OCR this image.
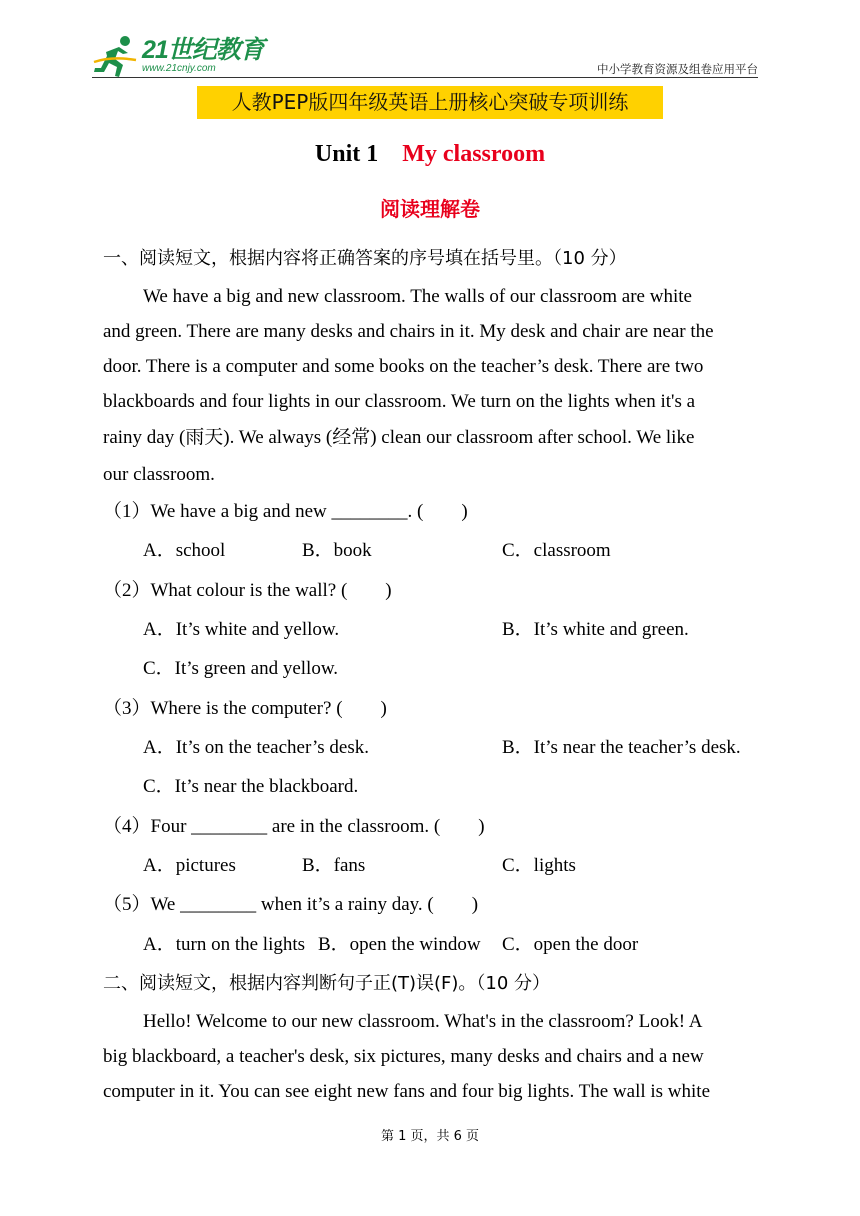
21世纪教育
www.21cnjy.com	中小学教育资源及组卷应用平台
人教PEP版四年级英语上册核心突破专项训练
Unit 1 My classroom
阅读理解卷
一、阅读短文，根据内容将正确答案的序号填在括号里。（10 分）
We have a big and new classroom. The walls of our classroom are white
and green. There are many desks and chairs in it. My desk and chair are near the
door. There is a computer and some books on the teacher’s desk. There are two
blackboards and four lights in our classroom. We turn on the lights when it's a
rainy day (雨天). We always (经常) clean our classroom after school. We like
our classroom.
（1）We have a big and new ________. (　　)
A．school	B．book	C．classroom
（2）What colour is the wall? (　　)
A．It’s white and yellow.	B．It’s white and green.
C．It’s green and yellow.
（3）Where is the computer? (　　)
A．It’s on the teacher’s desk.	B．It’s near the teacher’s desk.
C．It’s near the blackboard.
（4）Four ________ are in the classroom. (　　)
A．pictures	B．fans	C．lights
（5）We ________ when it’s a rainy day. (　　)
A．turn on the lights B．open the window C．open the door
二、阅读短文，根据内容判断句子正(T)误(F)。（10 分）
Hello! Welcome to our new classroom. What's in the classroom? Look! A
big blackboard, a teacher's desk, six pictures, many desks and chairs and a new
computer in it. You can see eight new fans and four big lights. The wall is white
第 1 页，共 6 页
